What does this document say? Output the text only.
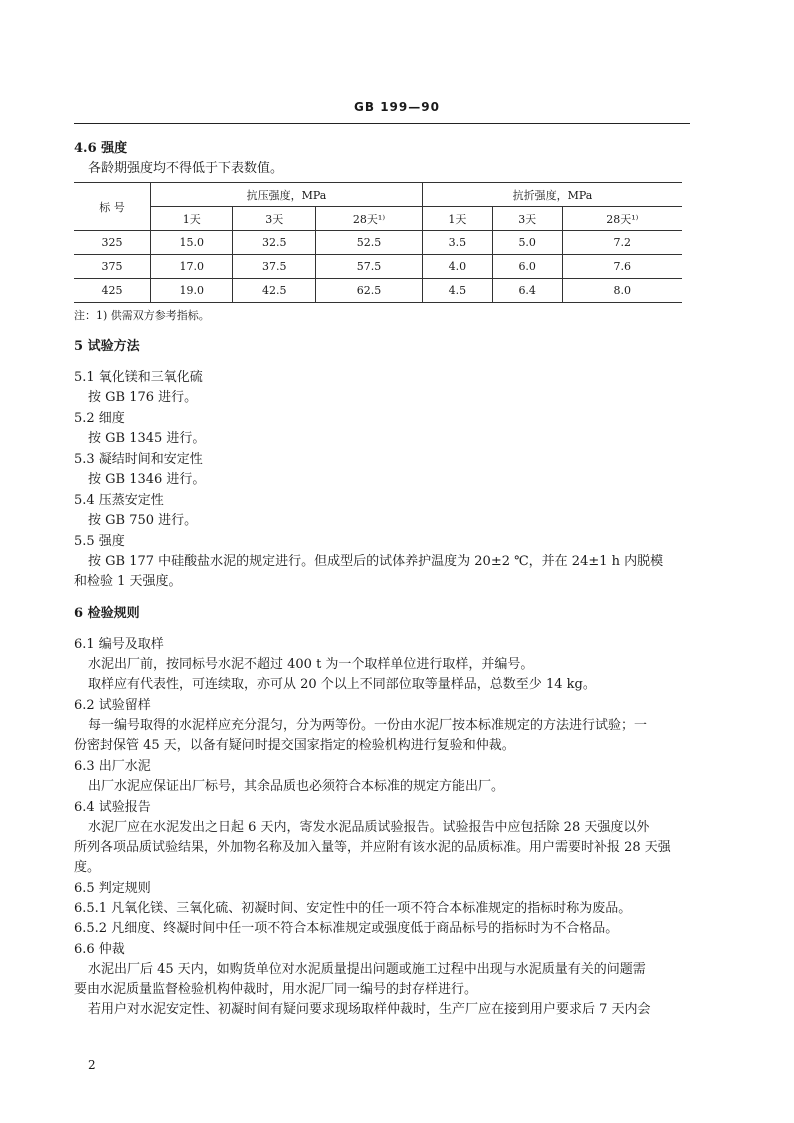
GB 199—90
4.6 强度
各龄期强度均不得低于下表数值。
标 号	抗压强度，MPa			抗折强度，MPa		
	1天	3天	28天¹⁾	1天	3天	28天¹⁾
325	15.0	32.5	52.5	3.5	5.0	7.2
375	17.0	37.5	57.5	4.0	6.0	7.6
425	19.0	42.5	62.5	4.5	6.4	8.0
注：1) 供需双方参考指标。
5 试验方法
5.1 氧化镁和三氧化硫
按 GB 176 进行。
5.2 细度
按 GB 1345 进行。
5.3 凝结时间和安定性
按 GB 1346 进行。
5.4 压蒸安定性
按 GB 750 进行。
5.5 强度
按 GB 177 中硅酸盐水泥的规定进行。但成型后的试体养护温度为 20±2 ℃，并在 24±1 h 内脱模
和检验 1 天强度。
6 检验规则
6.1 编号及取样
水泥出厂前，按同标号水泥不超过 400 t 为一个取样单位进行取样，并编号。
取样应有代表性，可连续取，亦可从 20 个以上不同部位取等量样品，总数至少 14 kg。
6.2 试验留样
每一编号取得的水泥样应充分混匀，分为两等份。一份由水泥厂按本标准规定的方法进行试验；一
份密封保管 45 天，以备有疑问时提交国家指定的检验机构进行复验和仲裁。
6.3 出厂水泥
出厂水泥应保证出厂标号，其余品质也必须符合本标准的规定方能出厂。
6.4 试验报告
水泥厂应在水泥发出之日起 6 天内，寄发水泥品质试验报告。试验报告中应包括除 28 天强度以外
所列各项品质试验结果，外加物名称及加入量等，并应附有该水泥的品质标准。用户需要时补报 28 天强
度。
6.5 判定规则
6.5.1 凡氧化镁、三氧化硫、初凝时间、安定性中的任一项不符合本标准规定的指标时称为废品。
6.5.2 凡细度、终凝时间中任一项不符合本标准规定或强度低于商品标号的指标时为不合格品。
6.6 仲裁
水泥出厂后 45 天内，如购货单位对水泥质量提出问题或施工过程中出现与水泥质量有关的问题需
要由水泥质量监督检验机构仲裁时，用水泥厂同一编号的封存样进行。
若用户对水泥安定性、初凝时间有疑问要求现场取样仲裁时，生产厂应在接到用户要求后 7 天内会
2
